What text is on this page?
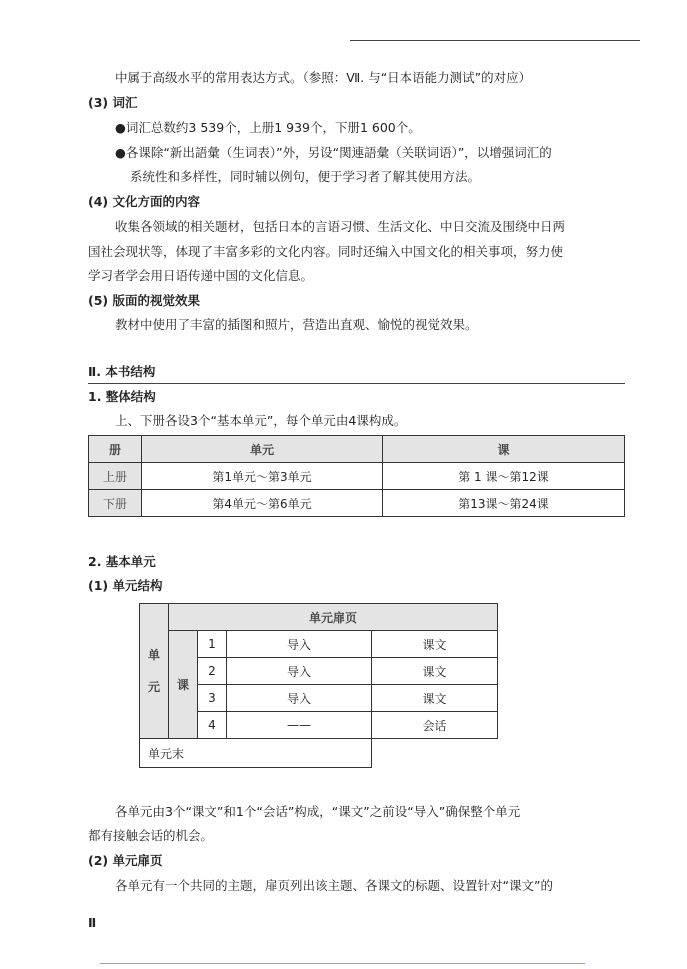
中属于高级水平的常用表达方式。（参照：Ⅶ. 与“日本语能力测试”的对应）
(3) 词汇
●词汇总数约3 539个，上册1 939个，下册1 600个。
●各课除“新出語彙（生词表）”外，另设“関連語彙（关联词语）”，以增强词汇的
系统性和多样性，同时辅以例句，便于学习者了解其使用方法。
(4) 文化方面的内容
收集各领域的相关题材，包括日本的言语习惯、生活文化、中日交流及围绕中日两
国社会现状等，体现了丰富多彩的文化内容。同时还编入中国文化的相关事项，努力使
学习者学会用日语传递中国的文化信息。
(5) 版面的视觉效果
教材中使用了丰富的插图和照片，营造出直观、愉悦的视觉效果。
Ⅱ. 本书结构
1. 整体结构
上、下册各设3个“基本单元”，每个单元由4课构成。
册	单元	课
上册	第1单元～第3单元	第 1 课～第12课
下册	第4单元～第6单元	第13课～第24课
2. 基本单元
(1) 单元结构
单
元	单元扉页			
	课	1	导入	课文
		2	导入	课文
		3	导入	课文
		4	——	会话
单元末				
各单元由3个“课文”和1个“会话”构成，“课文”之前设“导入”确保整个单元
都有接触会话的机会。
(2) 单元扉页
各单元有一个共同的主题，扉页列出该主题、各课文的标题、设置针对“课文”的
Ⅱ
